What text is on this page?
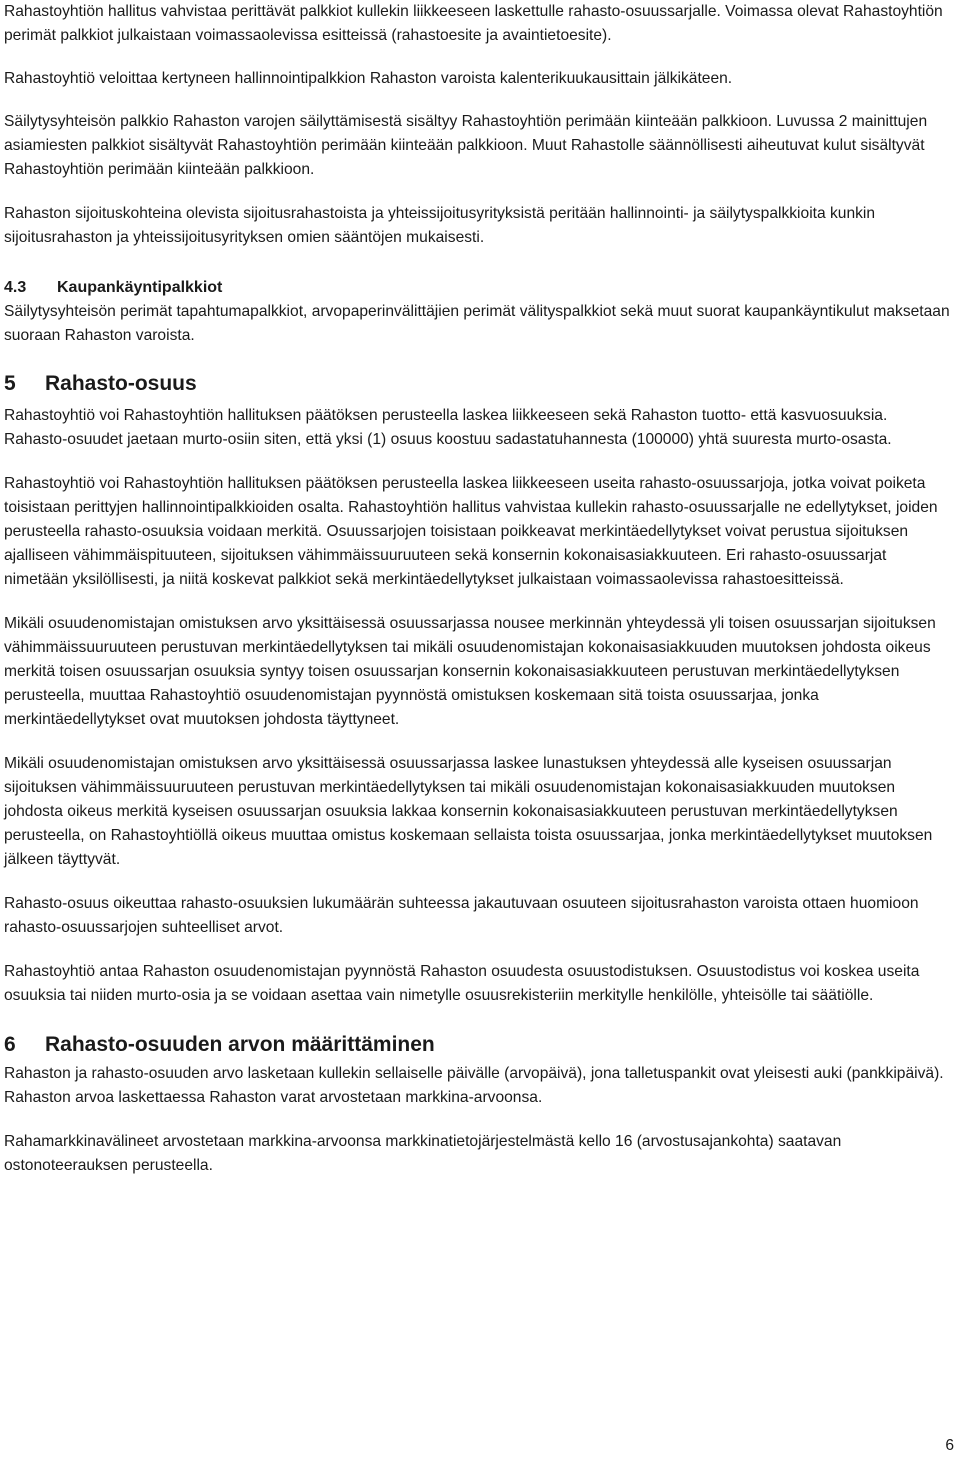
Rahastoyhtiön hallitus vahvistaa perittävät palkkiot kullekin liikkeeseen laskettulle rahasto-osuussarjalle. Voimassa olevat Rahastoyhtiön perimät palkkiot julkaistaan voimassaolevissa esitteissä (rahastoesite ja avaintietoesite).

Rahastoyhtiö veloittaa kertyneen hallinnointipalkkion Rahaston varoista kalenterikuukausittain jälkikäteen.

Säilytysyhteisön palkkio Rahaston varojen säilyttämisestä sisältyy Rahastoyhtiön perimään kiinteään palkkioon. Luvussa 2 mainittujen asiamiesten palkkiot sisältyvät Rahastoyhtiön perimään kiinteään palkkioon. Muut Rahastolle säännöllisesti aiheutuvat kulut sisältyvät Rahastoyhtiön perimään kiinteään palkkioon.

Rahaston sijoituskohteina olevista sijoitusrahastoista ja yhteissijoitusyrityksistä peritään hallinnointi- ja säilytyspalkkioita kunkin sijoitusrahaston ja yhteissijoitusyrityksen omien sääntöjen mukaisesti.

4.3 Kaupankäyntipalkkiot

Säilytysyhteisön perimät tapahtumapalkkiot, arvopaperinvälittäjien perimät välityspalkkiot sekä muut suorat kaupankäyntikulut maksetaan suoraan Rahaston varoista.

5 Rahasto-osuus

Rahastoyhtiö voi Rahastoyhtiön hallituksen päätöksen perusteella laskea liikkeeseen sekä Rahaston tuotto- että kasvuosuuksia. Rahasto-osuudet jaetaan murto-osiin siten, että yksi (1) osuus koostuu sadastatuhannesta (100000) yhtä suuresta murto-osasta.

Rahastoyhtiö voi Rahastoyhtiön hallituksen päätöksen perusteella laskea liikkeeseen useita rahasto-osuussarjoja, jotka voivat poiketa toisistaan perittyjen hallinnointipalkkioiden osalta. Rahastoyhtiön hallitus vahvistaa kullekin rahasto-osuussarjalle ne edellytykset, joiden perusteella rahasto-osuuksia voidaan merkitä. Osuussarjojen toisistaan poikkeavat merkintäedellytykset voivat perustua sijoituksen ajalliseen vähimmäispituuteen, sijoituksen vähimmäissuuruuteen sekä konsernin kokonaisasiakkuuteen. Eri rahasto-osuussarjat nimetään yksilöllisesti, ja niitä koskevat palkkiot sekä merkintäedellytykset julkaistaan voimassaolevissa rahastoesitteissä.

Mikäli osuudenomistajan omistuksen arvo yksittäisessä osuussarjassa nousee merkinnän yhteydessä yli toisen osuussarjan sijoituksen vähimmäissuuruuteen perustuvan merkintäedellytyksen tai mikäli osuudenomistajan kokonaisasiakkuuden muutoksen johdosta oikeus merkitä toisen osuussarjan osuuksia syntyy toisen osuussarjan konsernin kokonaisasiakkuuteen perustuvan merkintäedellytyksen perusteella, muuttaa Rahastoyhtiö osuudenomistajan pyynnöstä omistuksen koskemaan sitä toista osuussarjaa, jonka merkintäedellytykset ovat muutoksen johdosta täyttyneet.

Mikäli osuudenomistajan omistuksen arvo yksittäisessä osuussarjassa laskee lunastuksen yhteydessä alle kyseisen osuussarjan sijoituksen vähimmäissuuruuteen perustuvan merkintäedellytyksen tai mikäli osuudenomistajan kokonaisasiakkuuden muutoksen johdosta oikeus merkitä kyseisen osuussarjan osuuksia lakkaa konsernin kokonaisasiakkuuteen perustuvan merkintäedellytyksen perusteella, on Rahastoyhtiöllä oikeus muuttaa omistus koskemaan sellaista toista osuussarjaa, jonka merkintäedellytykset muutoksen jälkeen täyttyvät.

Rahasto-osuus oikeuttaa rahasto-osuuksien lukumäärän suhteessa jakautuvaan osuuteen sijoitusrahaston varoista ottaen huomioon rahasto-osuussarjojen suhteelliset arvot.

Rahastoyhtiö antaa Rahaston osuudenomistajan pyynnöstä Rahaston osuudesta osuustodistuksen. Osuustodistus voi koskea useita osuuksia tai niiden murto-osia ja se voidaan asettaa vain nimetylle osuusrekisteriin merkitylle henkilölle, yhteisölle tai säätiölle.

6 Rahasto-osuuden arvon määrittäminen

Rahaston ja rahasto-osuuden arvo lasketaan kullekin sellaiselle päivälle (arvopäivä), jona talletuspankit ovat yleisesti auki (pankkipäivä). Rahaston arvoa laskettaessa Rahaston varat arvostetaan markkina-arvoonsa.

Rahamarkkinavälineet arvostetaan markkina-arvoonsa markkinatietojärjestelmästä kello 16 (arvostusajankohta) saatavan ostonoteerauksen perusteella.

6
